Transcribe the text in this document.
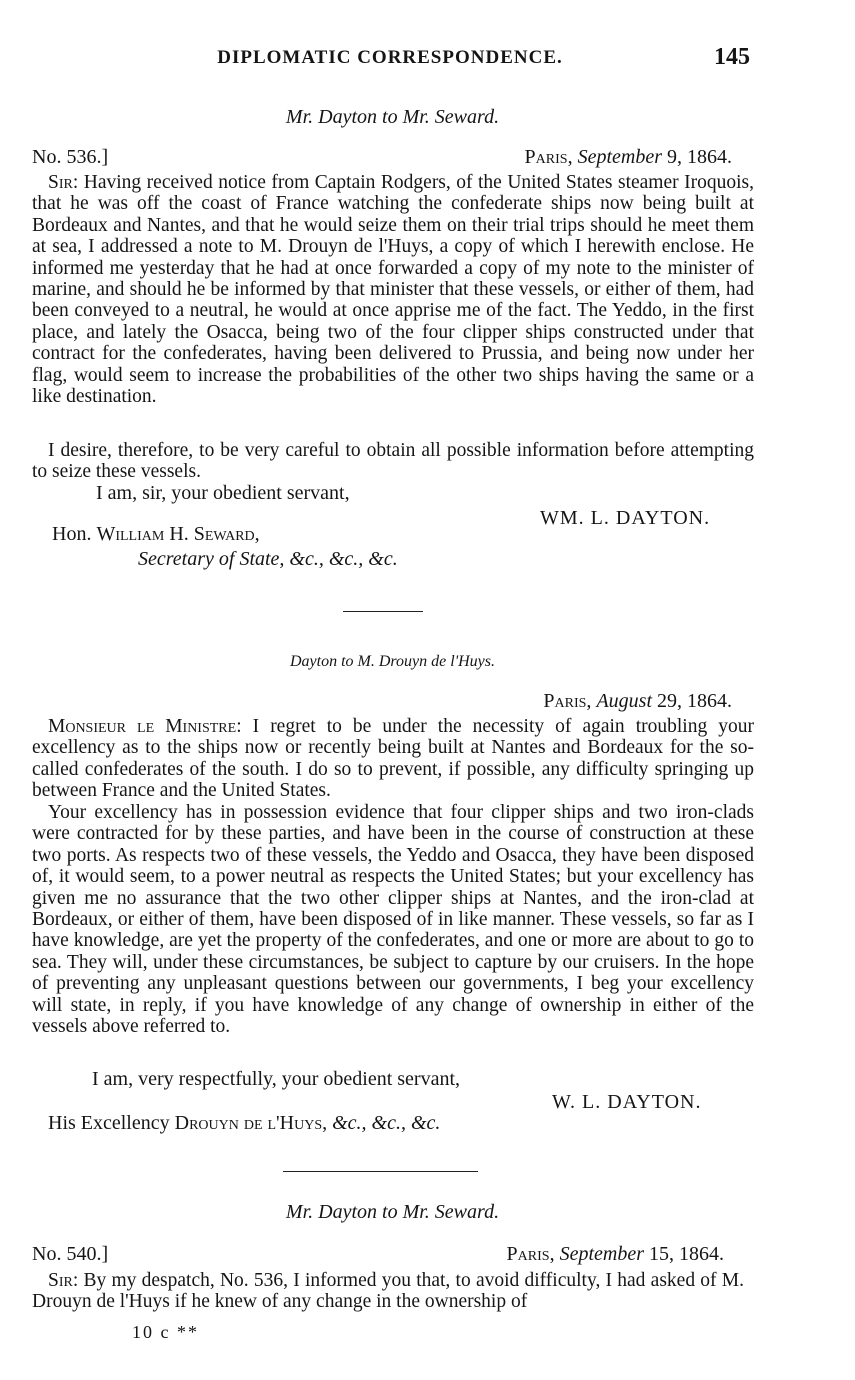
DIPLOMATIC CORRESPONDENCE.	145
Mr. Dayton to Mr. Seward.
No. 536.]	Paris, September 9, 1864.

Sir: Having received notice from Captain Rodgers, of the United States steamer Iroquois, that he was off the coast of France watching the confederate ships now being built at Bordeaux and Nantes, and that he would seize them on their trial trips should he meet them at sea, I addressed a note to M. Drouyn de l'Huys, a copy of which I herewith enclose. He informed me yesterday that he had at once forwarded a copy of my note to the minister of marine, and should he be informed by that minister that these vessels, or either of them, had been conveyed to a neutral, he would at once apprise me of the fact. The Yeddo, in the first place, and lately the Osacca, being two of the four clipper ships constructed under that contract for the confederates, having been delivered to Prussia, and being now under her flag, would seem to increase the probabilities of the other two ships having the same or a like destination.

I desire, therefore, to be very careful to obtain all possible information before attempting to seize these vessels.

I am, sir, your obedient servant,
WM. L. DAYTON.
Hon. William H. Seward,
Secretary of State, &c., &c., &c.
Dayton to M. Drouyn de l'Huys.
Paris, August 29, 1864.

Monsieur le Ministre: I regret to be under the necessity of again troubling your excellency as to the ships now or recently being built at Nantes and Bordeaux for the so-called confederates of the south. I do so to prevent, if possible, any difficulty springing up between France and the United States.

Your excellency has in possession evidence that four clipper ships and two iron-clads were contracted for by these parties, and have been in the course of construction at these two ports. As respects two of these vessels, the Yeddo and Osacca, they have been disposed of, it would seem, to a power neutral as respects the United States; but your excellency has given me no assurance that the two other clipper ships at Nantes, and the iron-clad at Bordeaux, or either of them, have been disposed of in like manner. These vessels, so far as I have knowledge, are yet the property of the confederates, and one or more are about to go to sea. They will, under these circumstances, be subject to capture by our cruisers. In the hope of preventing any unpleasant questions between our governments, I beg your excellency will state, in reply, if you have knowledge of any change of ownership in either of the vessels above referred to.

I am, very respectfully, your obedient servant,
W. L. DAYTON.
His Excellency Drouyn de l'Huys, &c., &c., &c.
Mr. Dayton to Mr. Seward.
No. 540.]	Paris, September 15, 1864.

Sir: By my despatch, No. 536, I informed you that, to avoid difficulty, I had asked of M. Drouyn de l'Huys if he knew of any change in the ownership of

10 c **
